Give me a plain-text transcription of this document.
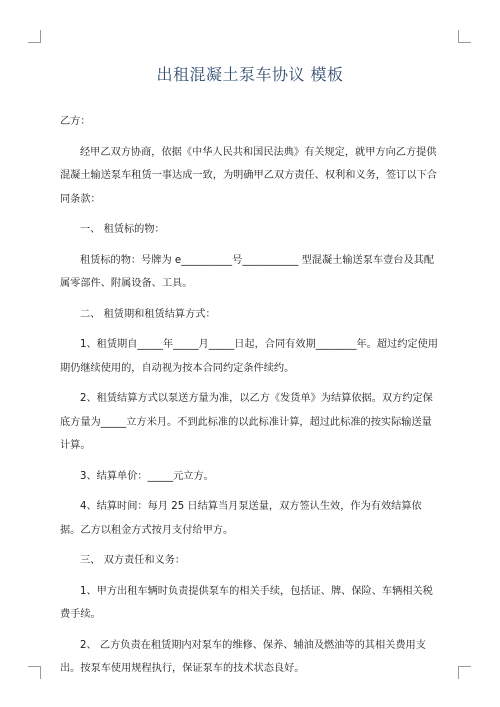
出租混凝土泵车协议 模板

乙方：

经甲乙双方协商，依据《中华人民共和国民法典》有关规定，就甲方向乙方提供混凝土输送泵车租赁一事达成一致，为明确甲乙双方责任、权利和义务，签订以下合同条款：

一、 租赁标的物：

租赁标的物：号牌为 e__________号___________ 型混凝土输送泵车壹台及其配属零部件、附属设备、工具。

二、 租赁期和租赁结算方式：

1、租赁期自_____年_____月_____日起，合同有效期________年。超过约定使用期仍继续使用的，自动视为按本合同约定条件续约。

2、租赁结算方式以泵送方量为准，以乙方《发货单》为结算依据。双方约定保底方量为_____立方米月。不到此标准的以此标准计算，超过此标准的按实际输送量计算。

3、结算单价：_____元立方。

4、结算时间：每月 25 日结算当月泵送量，双方签认生效，作为有效结算依据。乙方以租金方式按月支付给甲方。

三、 双方责任和义务：

1、甲方出租车辆时负责提供泵车的相关手续，包括证、牌、保险、车辆相关税费手续。

2、 乙方负责在租赁期内对泵车的维修、保养、辅油及燃油等的其相关费用支出。按泵车使用规程执行，保证泵车的技术状态良好。
